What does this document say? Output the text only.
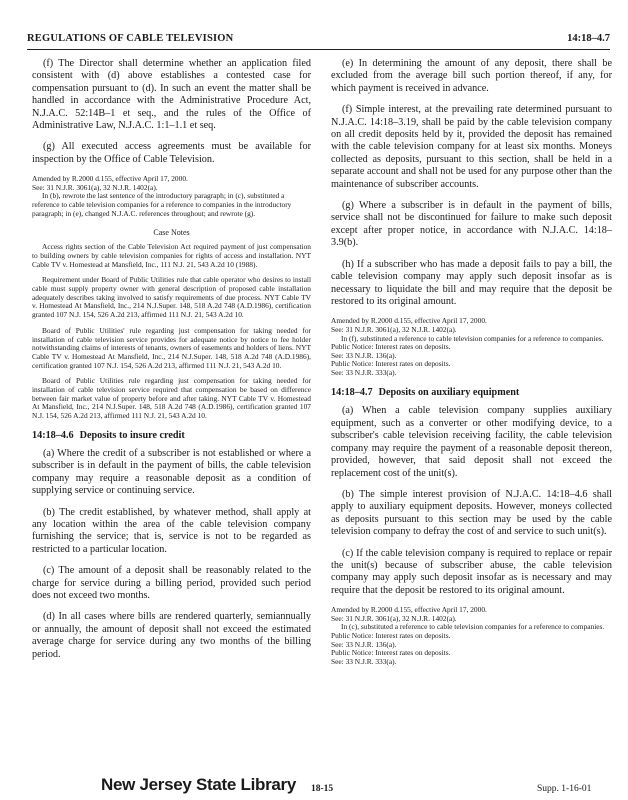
REGULATIONS OF CABLE TELEVISION	14:18–4.7

(f) The Director shall determine whether an application filed consistent with (d) above establishes a contested case for compensation pursuant to (d). In such an event the matter shall be handled in accordance with the Administrative Procedure Act, N.J.A.C. 52:14B–1 et seq., and the rules of the Office of Administrative Law, N.J.A.C. 1:1–1.1 et seq.

(g) All executed access agreements must be available for inspection by the Office of Cable Television.

Amended by R.2000 d.155, effective April 17, 2000.

See: 31 N.J.R. 3061(a), 32 N.J.R. 1402(a).

In (b), rewrote the last sentence of the introductory paragraph; in (c), substituted a reference to cable television companies for a reference to companies in the introductory paragraph; in (e), changed N.J.A.C. references throughout; and rewrote (g).

Case Notes

Access rights section of the Cable Television Act required payment of just compensation to building owners by cable television companies for rights of access and installation. NYT Cable TV v. Homestead at Mansfield, Inc., 111 N.J. 21, 543 A.2d 10 (1988).

Requirement under Board of Public Utilities rule that cable operator who desires to install cable must supply property owner with general description of proposed cable installation adequately describes taking involved to satisfy requirements of due process. NYT Cable TV v. Homestead At Mansfield, Inc., 214 N.J.Super. 148, 518 A.2d 748 (A.D.1986), certification granted 107 N.J. 154, 526 A.2d 213, affirmed 111 N.J. 21, 543 A.2d 10.

Board of Public Utilities' rule regarding just compensation for taking needed for installation of cable television service provides for adequate notice by notice to fee holder notwithstanding claims of interests of tenants, owners of easements and holders of liens. NYT Cable TV v. Homestead At Mansfield, Inc., 214 N.J.Super. 148, 518 A.2d 748 (A.D.1986), certification granted 107 N.J. 154, 526 A.2d 213, affirmed 111 N.J. 21, 543 A.2d 10.

Board of Public Utilities rule regarding just compensation for taking needed for installation of cable television service required that compensation be based on difference between fair market value of property before and after taking. NYT Cable TV v. Homestead At Mansfield, Inc., 214 N.J.Super. 148, 518 A.2d 748 (A.D.1986), certification granted 107 N.J. 154, 526 A.2d 213, affirmed 111 N.J. 21, 543 A.2d 10.

14:18–4.6 Deposits to insure credit

(a) Where the credit of a subscriber is not established or where a subscriber is in default in the payment of bills, the cable television company may require a reasonable deposit as a condition of supplying service or continuing service.

(b) The credit established, by whatever method, shall apply at any location within the area of the cable television company furnishing the service; that is, service is not to be regarded as restricted to a particular location.

(c) The amount of a deposit shall be reasonably related to the charge for service during a billing period, provided such period does not exceed two months.

(d) In all cases where bills are rendered quarterly, semiannually or annually, the amount of deposit shall not exceed the estimated average charge for service during any two months of the billing period.

(e) In determining the amount of any deposit, there shall be excluded from the average bill such portion thereof, if any, for which payment is received in advance.

(f) Simple interest, at the prevailing rate determined pursuant to N.J.A.C. 14:18–3.19, shall be paid by the cable television company on all credit deposits held by it, provided the deposit has remained with the cable television company for at least six months. Moneys collected as deposits, pursuant to this section, shall be held in a separate account and shall not be used for any purpose other than the maintenance of subscriber accounts.

(g) Where a subscriber is in default in the payment of bills, service shall not be discontinued for failure to make such deposit except after proper notice, in accordance with N.J.A.C. 14:18–3.9(b).

(h) If a subscriber who has made a deposit fails to pay a bill, the cable television company may apply such deposit insofar as is necessary to liquidate the bill and may require that the deposit be restored to its original amount.

Amended by R.2000 d.155, effective April 17, 2000.

See: 31 N.J.R. 3061(a), 32 N.J.R. 1402(a).

In (f), substituted a reference to cable television companies for a reference to companies.

Public Notice: Interest rates on deposits.

See: 33 N.J.R. 136(a).

Public Notice: Interest rates on deposits.

See: 33 N.J.R. 333(a).

14:18–4.7 Deposits on auxiliary equipment

(a) When a cable television company supplies auxiliary equipment, such as a converter or other modifying device, to a subscriber's cable television receiving facility, the cable television company may require the payment of a reasonable deposit thereon, provided, however, that said deposit shall not exceed the replacement cost of the unit(s).

(b) The simple interest provision of N.J.A.C. 14:18–4.6 shall apply to auxiliary equipment deposits. However, moneys collected as deposits pursuant to this section may be used by the cable television company to defray the cost of and service to such unit(s).

(c) If the cable television company is required to replace or repair the unit(s) because of subscriber abuse, the cable television company may apply such deposit insofar as is necessary and may require that the deposit be restored to its original amount.

Amended by R.2000 d.155, effective April 17, 2000.

See: 31 N.J.R. 3061(a), 32 N.J.R. 1402(a).

In (c), substituted a reference to cable television companies for a reference to companies.

Public Notice: Interest rates on deposits.

See: 33 N.J.R. 136(a).

Public Notice: Interest rates on deposits.

See: 33 N.J.R. 333(a).

New Jersey State Library 18-15	Supp. 1-16-01
